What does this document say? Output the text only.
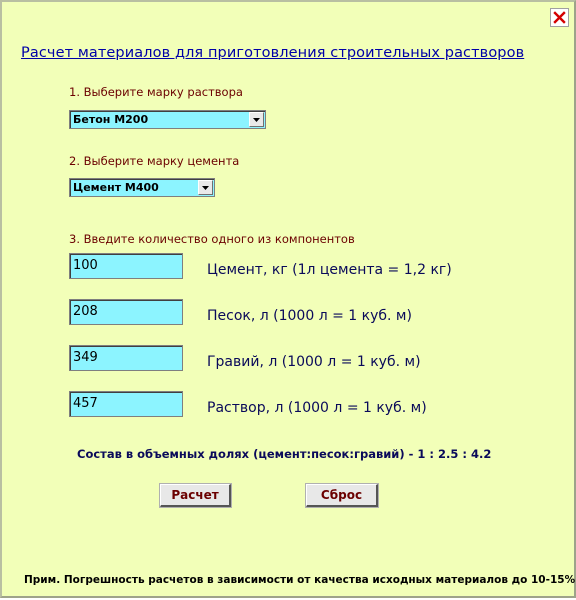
Расчет материалов для приготовления строительных растворов
1. Выберите марку раствора
Бетон М200
2. Выберите марку цемента
Цемент М400
3. Введите количество одного из компонентов
100	Цемент, кг (1л цемента = 1,2 кг)
208	Песок, л (1000 л = 1 куб. м)
349	Гравий, л (1000 л = 1 куб. м)
457	Раствор, л (1000 л = 1 куб. м)
Состав в объемных долях (цемент:песок:гравий) - 1 : 2.5 : 4.2
Расчет	Сброс
Прим. Погрешность расчетов в зависимости от качества исходных материалов до 10-15%
